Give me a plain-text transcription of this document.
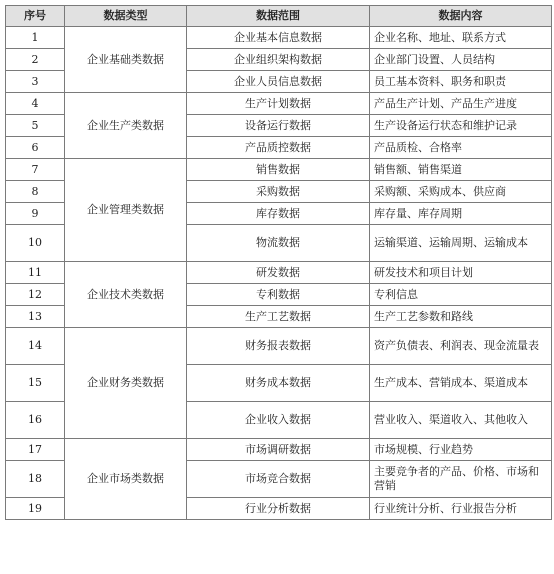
序号	数据类型	数据范围	数据内容
1	企业基础类数据	企业基本信息数据	企业名称、地址、联系方式
2		企业组织架构数据	企业部门设置、人员结构
3		企业人员信息数据	员工基本资料、职务和职责
4	企业生产类数据	生产计划数据	产品生产计划、产品生产进度
5		设备运行数据	生产设备运行状态和维护记录
6		产品质控数据	产品质检、合格率
7	企业管理类数据	销售数据	销售额、销售渠道
8		采购数据	采购额、采购成本、供应商
9		库存数据	库存量、库存周期
10		物流数据	运输渠道、运输周期、运输成本
11	企业技术类数据	研发数据	研发技术和项目计划
12		专利数据	专利信息
13		生产工艺数据	生产工艺参数和路线
14	企业财务类数据	财务报表数据	资产负债表、利润表、现金流量表
15		财务成本数据	生产成本、营销成本、渠道成本
16		企业收入数据	营业收入、渠道收入、其他收入
17	企业市场类数据	市场调研数据	市场规模、行业趋势
18		市场竞合数据	主要竞争者的产品、价格、市场和营销
19		行业分析数据	行业统计分析、行业报告分析
